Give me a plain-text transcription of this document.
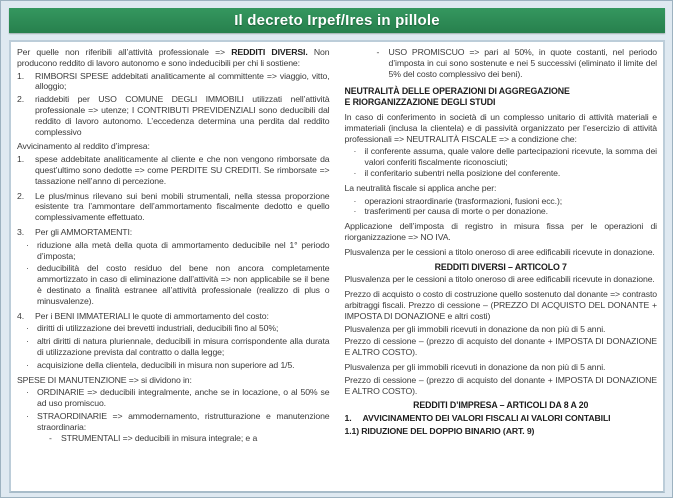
Il decreto Irpef/Ires in pillole
Per quelle non riferibili all’attività professionale => REDDITI DIVERSI. Non producono reddito di lavoro autonomo e sono indeducibili per chi li sostiene:
1. RIMBORSI SPESE addebitati analiticamente al committente => viaggio, vitto, alloggio;
2. riaddebiti per USO COMUNE DEGLI IMMOBILI utilizzati nell’attività professionale => utenze; I CONTRIBUTI PREVIDENZIALI sono deducibili dal reddito di lavoro autonomo. L’eccedenza determina una perdita dal reddito complessivo
Avvicinamento al reddito d’impresa:
1. spese addebitate analiticamente al cliente e che non vengono rimborsate da quest’ultimo sono dedotte => come PERDITE SU CREDITI. Se rimborsate => tassazione nell’anno di percezione.
2. Le plus/minus rilevano sui beni mobili strumentali, nella stessa proporzione esistente tra l’ammontare dell’ammortamento fiscalmente dedotto e quello complessivamente effettuato.
3. Per gli AMMORTAMENTI:
· riduzione alla metà della quota di ammortamento deducibile nel 1° periodo d’imposta;
· deducibilità del costo residuo del bene non ancora completamente ammortizzato in caso di eliminazione dall’attività => non applicabile se il bene è destinato a finalità estranee all’attività professionale (realizzo di plus o minusvalenze).
4. Per i BENI IMMATERIALI le quote di ammortamento del costo:
· diritti di utilizzazione dei brevetti industriali, deducibili fino al 50%;
· altri diritti di natura pluriennale, deducibili in misura corrispondente alla durata di utilizzazione prevista dal contratto o dalla legge;
· acquisizione della clientela, deducibili in misura non superiore ad 1/5.
SPESE DI MANUTENZIONE => si dividono in:
· ORDINARIE => deducibili integralmente, anche se in locazione, o al 50% se ad uso promiscuo.
· STRAORDINARIE => ammodernamento, ristrutturazione e manutenzione straordinaria:
- STRUMENTALI => deducibili in misura integrale; e a
- USO PROMISCUO => pari al 50%, in quote costanti, nel periodo d’imposta in cui sono sostenute e nei 5 successivi (eliminato il limite del 5% del costo complessivo dei beni).
NEUTRALITÀ DELLE OPERAZIONI DI AGGREGAZIONE
E RIORGANIZZAZIONE DEGLI STUDI
In caso di conferimento in società di un complesso unitario di attività materiali e immateriali (inclusa la clientela) e di passività organizzato per l’esercizio di attività professionali => NEUTRALITÀ FISCALE => a condizione che:
· il conferente assuma, quale valore delle partecipazioni ricevute, la somma dei valori conferiti fiscalmente riconosciuti;
· il conferitario subentri nella posizione del conferente.
La neutralità fiscale si applica anche per:
· operazioni straordinarie (trasformazioni, fusioni ecc.);
· trasferimenti per causa di morte o per donazione.
Applicazione dell’imposta di registro in misura fissa per le operazioni di riorganizzazione => NO IVA.
Plusvalenza per le cessioni a titolo oneroso di aree edificabili ricevute in donazione.
REDDITI DIVERSI – ARTICOLO 7
Plusvalenza per le cessioni a titolo oneroso di aree edificabili ricevute in donazione.
Prezzo di acquisto o costo di costruzione quello sostenuto dal donante => contrasto arbitraggi fiscali. Prezzo di cessione – (PREZZO DI ACQUISTO DEL DONANTE + IMPOSTA DI DONAZIONE e altri costi)
Plusvalenza per gli immobili ricevuti in donazione da non più di 5 anni.
Prezzo di cessione – (prezzo di acquisto del donante + IMPOSTA DI DONAZIONE E ALTRO COSTO).
Plusvalenza per gli immobili ricevuti in donazione da non più di 5 anni.
Prezzo di cessione – (prezzo di acquisto del donante + IMPOSTA DI DONAZIONE E ALTRO COSTO).
REDDITI D’IMPRESA – ARTICOLI DA 8 A 20
1. AVVICINAMENTO DEI VALORI FISCALI AI VALORI CONTABILI
1.1) RIDUZIONE DEL DOPPIO BINARIO (ART. 9)
